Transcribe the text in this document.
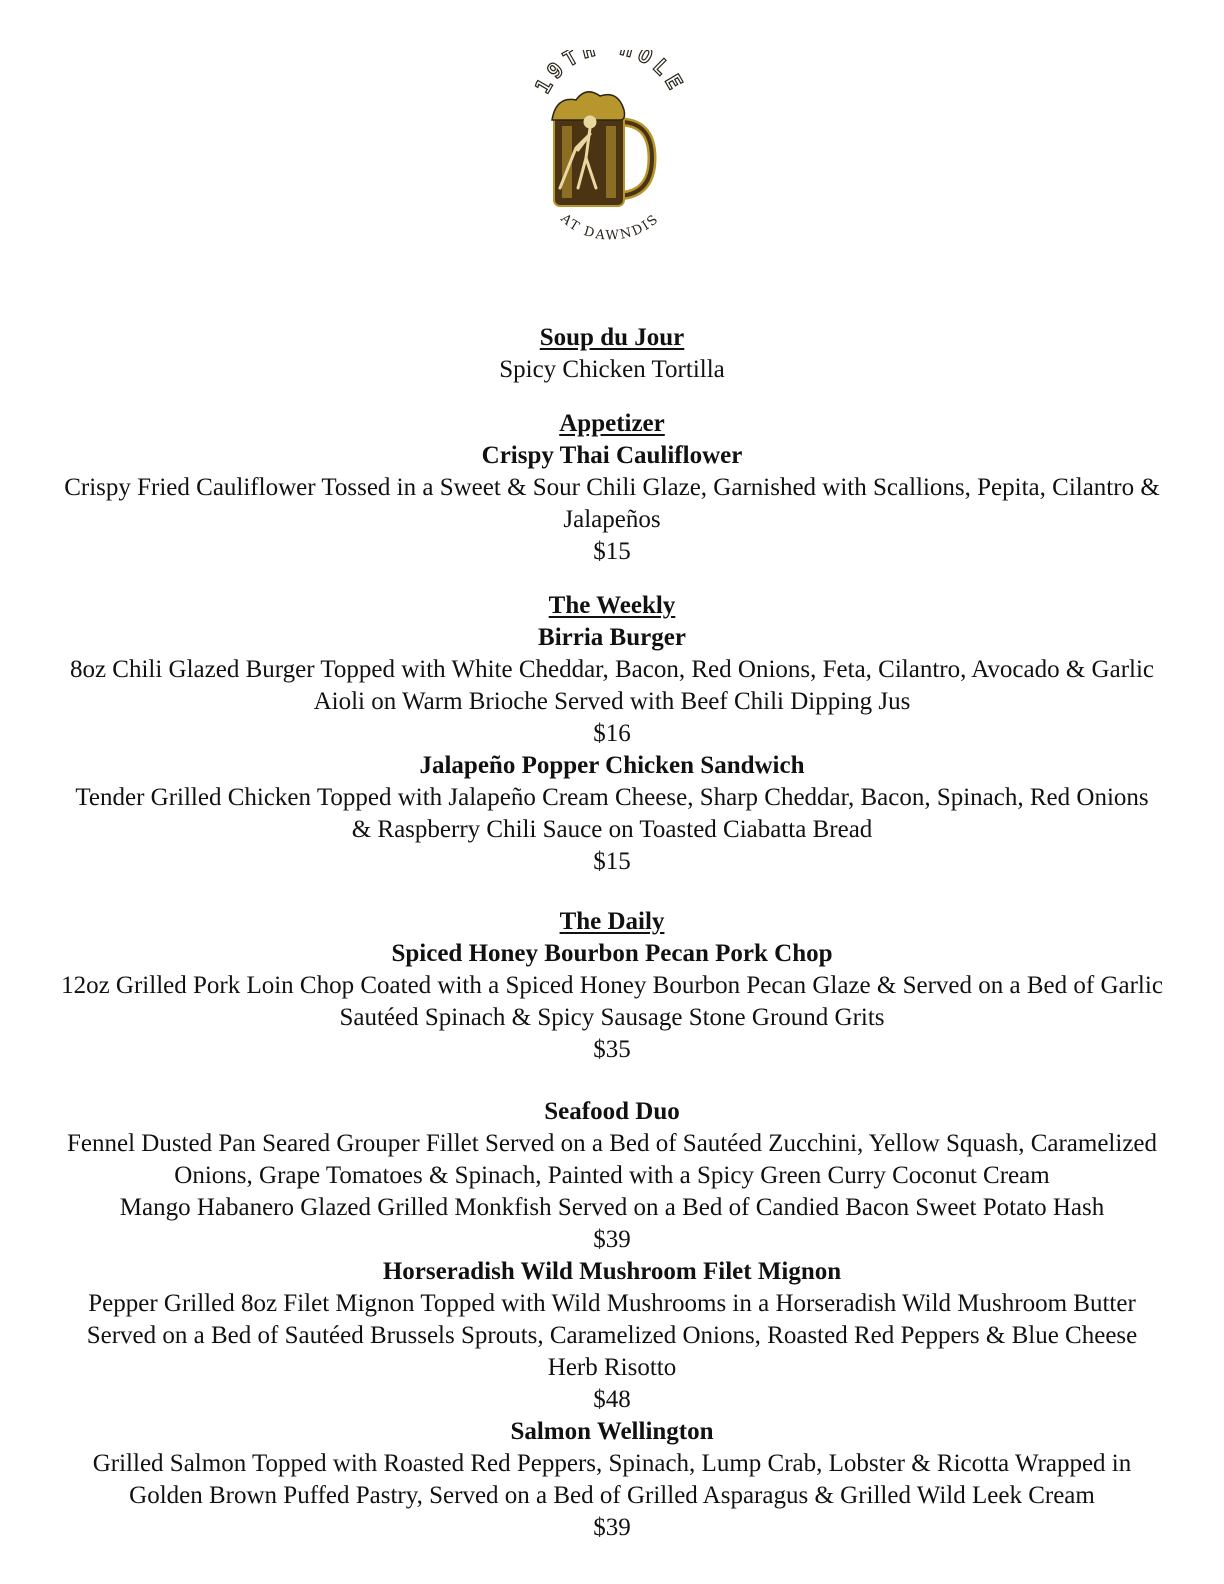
19T OLE
AT DAWNDIS

Soup du Jour

Spicy Chicken Tortilla

Appetizer

Crispy Thai Cauliflower

Crispy Fried Cauliflower Tossed in a Sweet & Sour Chili Glaze, Garnished with Scallions, Pepita, Cilantro &

Jalapeños

$15

The Weekly

Birria Burger

8oz Chili Glazed Burger Topped with White Cheddar, Bacon, Red Onions, Feta, Cilantro, Avocado & Garlic

Aioli on Warm Brioche Served with Beef Chili Dipping Jus

$16

Jalapeño Popper Chicken Sandwich

Tender Grilled Chicken Topped with Jalapeño Cream Cheese, Sharp Cheddar, Bacon, Spinach, Red Onions

& Raspberry Chili Sauce on Toasted Ciabatta Bread

$15

The Daily

Spiced Honey Bourbon Pecan Pork Chop

12oz Grilled Pork Loin Chop Coated with a Spiced Honey Bourbon Pecan Glaze & Served on a Bed of Garlic

Sautéed Spinach & Spicy Sausage Stone Ground Grits

$35

Seafood Duo

Fennel Dusted Pan Seared Grouper Fillet Served on a Bed of Sautéed Zucchini, Yellow Squash, Caramelized

Onions, Grape Tomatoes & Spinach, Painted with a Spicy Green Curry Coconut Cream

Mango Habanero Glazed Grilled Monkfish Served on a Bed of Candied Bacon Sweet Potato Hash

$39

Horseradish Wild Mushroom Filet Mignon

Pepper Grilled 8oz Filet Mignon Topped with Wild Mushrooms in a Horseradish Wild Mushroom Butter

Served on a Bed of Sautéed Brussels Sprouts, Caramelized Onions, Roasted Red Peppers & Blue Cheese

Herb Risotto

$48

Salmon Wellington

Grilled Salmon Topped with Roasted Red Peppers, Spinach, Lump Crab, Lobster & Ricotta Wrapped in

Golden Brown Puffed Pastry, Served on a Bed of Grilled Asparagus & Grilled Wild Leek Cream

$39
